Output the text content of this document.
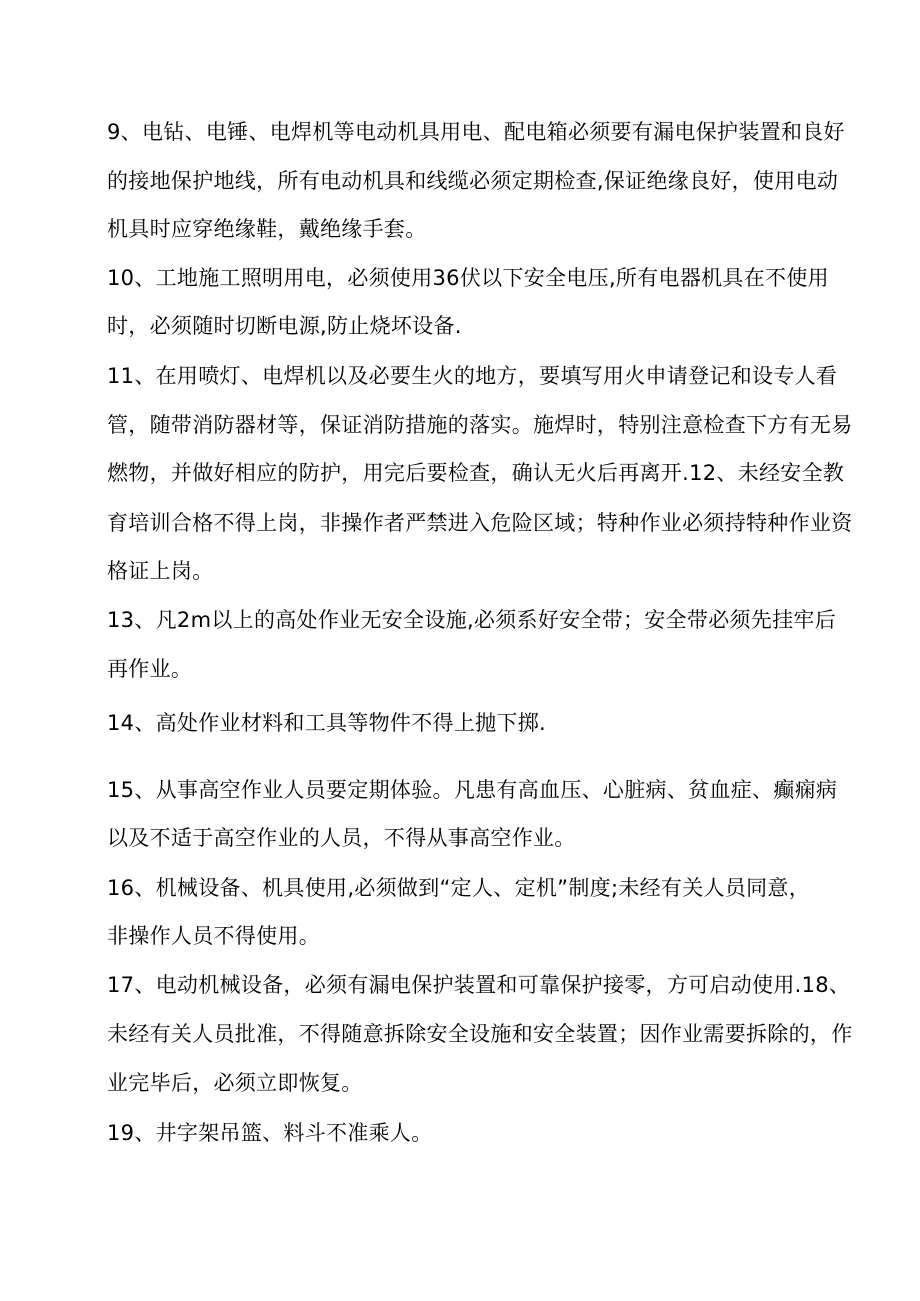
9、电钻、电锤、电焊机等电动机具用电、配电箱必须要有漏电保护装置和良好

的接地保护地线，所有电动机具和线缆必须定期检查,保证绝缘良好，使用电动

机具时应穿绝缘鞋，戴绝缘手套。

10、工地施工照明用电，必须使用36伏以下安全电压,所有电器机具在不使用

时，必须随时切断电源,防止烧坏设备.

11、在用喷灯、电焊机以及必要生火的地方，要填写用火申请登记和设专人看

管，随带消防器材等，保证消防措施的落实。施焊时，特别注意检查下方有无易

燃物，并做好相应的防护，用完后要检查，确认无火后再离开.12、未经安全教

育培训合格不得上岗，非操作者严禁进入危险区域；特种作业必须持特种作业资

格证上岗。

13、凡2m以上的高处作业无安全设施,必须系好安全带；安全带必须先挂牢后

再作业。

14、高处作业材料和工具等物件不得上抛下掷.

15、从事高空作业人员要定期体验。凡患有高血压、心脏病、贫血症、癫痫病

以及不适于高空作业的人员，不得从事高空作业。

16、机械设备、机具使用,必须做到“定人、定机”制度;未经有关人员同意，

非操作人员不得使用。

17、电动机械设备，必须有漏电保护装置和可靠保护接零，方可启动使用.18、

未经有关人员批准，不得随意拆除安全设施和安全装置；因作业需要拆除的，作

业完毕后，必须立即恢复。

19、井字架吊篮、料斗不准乘人。
